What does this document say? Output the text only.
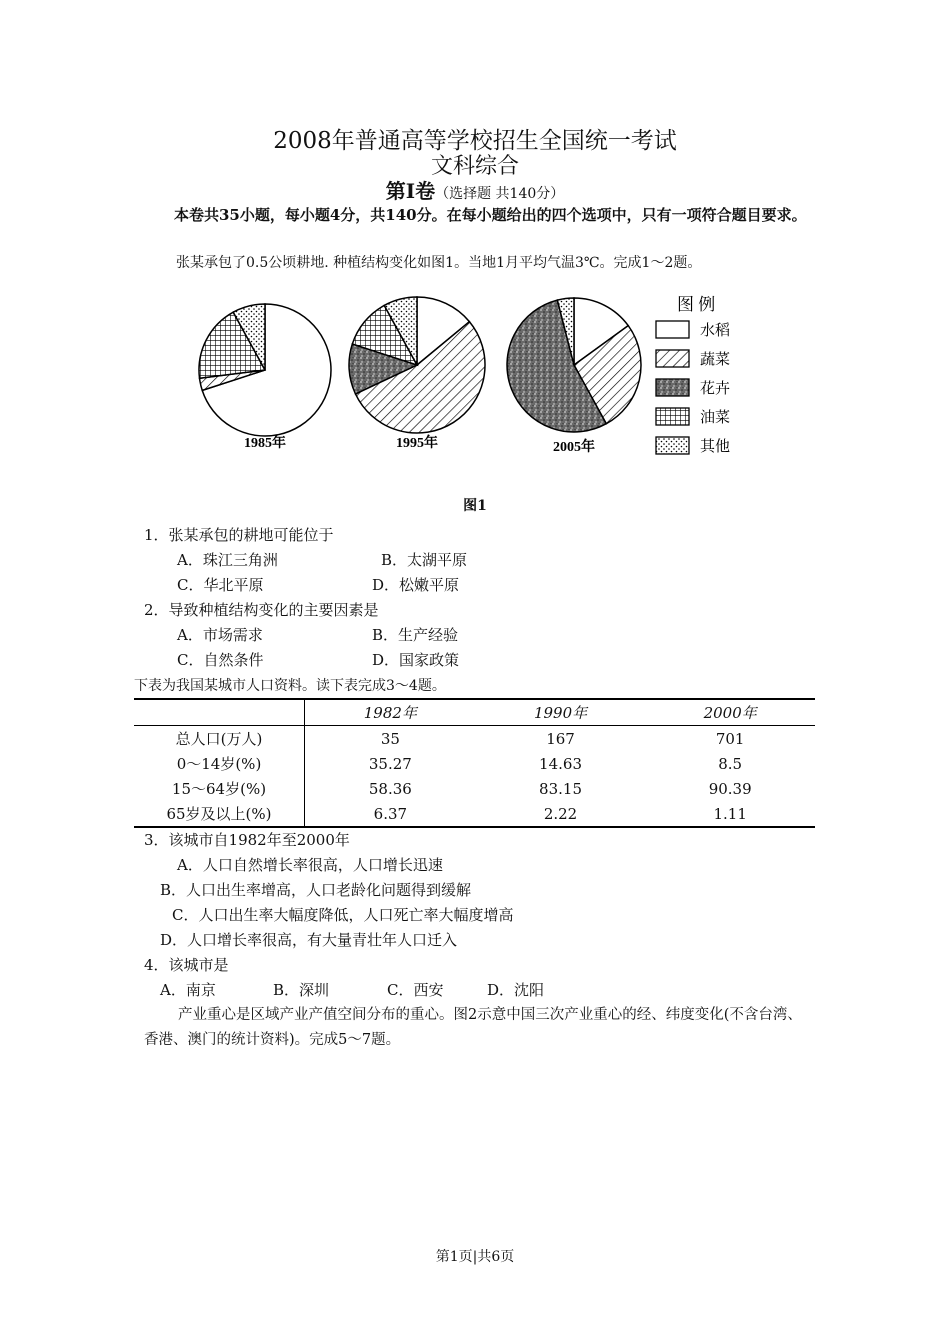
2008年普通高等学校招生全国统一考试
文科综合
第Ⅰ卷（选择题 共140分）
本卷共35小题，每小题4分，共140分。在每小题给出的四个选项中，只有一项符合题目要求。
张某承包了0.5公顷耕地. 种植结构变化如图1。当地1月平均气温3℃。完成1～2题。
1985年	1995年	2005年
图 例
水稻
蔬菜
花卉
油菜
其他
图1
1．张某承包的耕地可能位于
A．珠江三角洲	B．太湖平原
C．华北平原	D．松嫩平原
2．导致种植结构变化的主要因素是
A．市场需求	B．生产经验
C．自然条件	D．国家政策
下表为我国某城市人口资料。读下表完成3～4题。
	1982年	1990年	2000年
总人口(万人)	35	167	701
0～14岁(%)	35.27	14.63	8.5
15～64岁(%)	58.36	83.15	90.39
65岁及以上(%)	6.37	2.22	1.11
3．该城市自1982年至2000年
A．人口自然增长率很高，人口增长迅速
B．人口出生率增高，人口老龄化问题得到缓解
C．人口出生率大幅度降低，人口死亡率大幅度增高
D．人口增长率很高，有大量青壮年人口迁入
4．该城市是
A．南京	B．深圳	C．西安	D．沈阳
产业重心是区域产业产值空间分布的重心。图2示意中国三次产业重心的经、纬度变化(不含台湾、香港、澳门的统计资料)。完成5～7题。
第1页|共6页
